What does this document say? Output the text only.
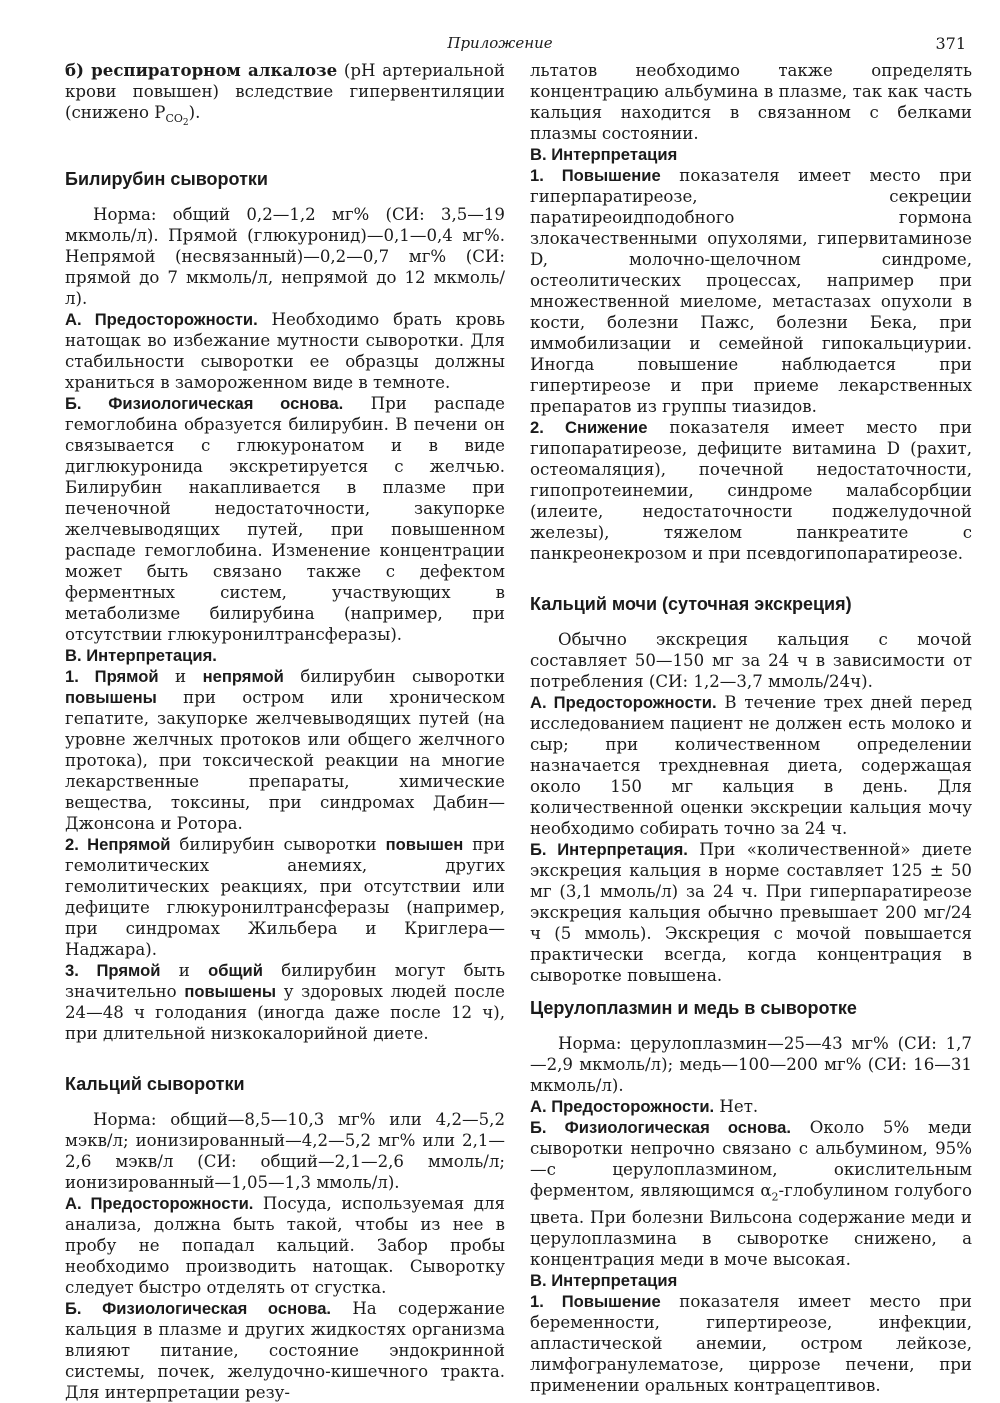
Приложение	371

б) респираторном алкалозе (pH артериальной крови повышен) вследствие гипервентиляции (снижено $P_{CO_2}$).

Билирубин сыворотки

Норма: общий 0,2—1,2 мг% (СИ: 3,5—19 мкмоль/л). Прямой (глюкуронид)—0,1—0,4 мг%. Непрямой (несвязанный)—0,2—0,7 мг% (СИ: прямой до 7 мкмоль/л, непрямой до 12 мкмоль/л).

А. Предосторожности. Необходимо брать кровь натощак во избежание мутности сыворотки. Для стабильности сыворотки ее образцы должны храниться в замороженном виде в темноте.

Б. Физиологическая основа. При распаде гемоглобина образуется билирубин. В печени он связывается с глюкуронатом и в виде диглюкуронида экскретируется с желчью. Билирубин накапливается в плазме при печеночной недостаточности, закупорке желчевыводящих путей, при повышенном распаде гемоглобина. Изменение концентрации может быть связано также с дефектом ферментных систем, участвующих в метаболизме билирубина (например, при отсутствии глюкуронилтрансферазы).

В. Интерпретация.

1. Прямой и непрямой билирубин сыворотки повышены при остром или хроническом гепатите, закупорке желчевыводящих путей (на уровне желчных протоков или общего желчного протока), при токсической реакции на многие лекарственные препараты, химические вещества, токсины, при синдромах Дабин—Джонсона и Ротора.

2. Непрямой билирубин сыворотки повышен при гемолитических анемиях, других гемолитических реакциях, при отсутствии или дефиците глюкуронилтрансферазы (например, при синдромах Жильбера и Криглера—Наджара).

3. Прямой и общий билирубин могут быть значительно повышены у здоровых людей после 24—48 ч голодания (иногда даже после 12 ч), при длительной низкокалорийной диете.

Кальций сыворотки

Норма: общий—8,5—10,3 мг% или 4,2—5,2 мэкв/л; ионизированный—4,2—5,2 мг% или 2,1—2,6 мэкв/л (СИ: общий—2,1—2,6 ммоль/л; ионизированный—1,05—1,3 ммоль/л).

А. Предосторожности. Посуда, используемая для анализа, должна быть такой, чтобы из нее в пробу не попадал кальций. Забор пробы необходимо производить натощак. Сыворотку следует быстро отделять от сгустка.

Б. Физиологическая основа. На содержание кальция в плазме и других жидкостях организма влияют питание, состояние эндокринной системы, почек, желудочно-кишечного тракта. Для интерпретации резу-

льтатов необходимо также определять концентрацию альбумина в плазме, так как часть кальция находится в связанном с белками плазмы состоянии.

В. Интерпретация

1. Повышение показателя имеет место при гиперпаратиреозе, секреции паратиреоидподобного гормона злокачественными опухолями, гипервитаминозе D, молочно-щелочном синдроме, остеолитических процессах, например при множественной миеломе, метастазах опухоли в кости, болезни Пажс, болезни Бека, при иммобилизации и семейной гипокальциурии. Иногда повышение наблюдается при гипертиреозе и при приеме лекарственных препаратов из группы тиазидов.

2. Снижение показателя имеет место при гипопаратиреозе, дефиците витамина D (рахит, остеомаляция), почечной недостаточности, гипопротеинемии, синдроме малабсорбции (илеите, недостаточности поджелудочной железы), тяжелом панкреатите с панкреонекрозом и при псевдогипопаратиреозе.

Кальций мочи (суточная экскреция)

Обычно экскреция кальция с мочой составляет 50—150 мг за 24 ч в зависимости от потребления (СИ: 1,2—3,7 ммоль/24ч).

А. Предосторожности. В течение трех дней перед исследованием пациент не должен есть молоко и сыр; при количественном определении назначается трехдневная диета, содержащая около 150 мг кальция в день. Для количественной оценки экскреции кальция мочу необходимо собирать точно за 24 ч.

Б. Интерпретация. При «количественной» диете экскреция кальция в норме составляет 125 ± 50 мг (3,1 ммоль/л) за 24 ч. При гиперпаратиреозе экскреция кальция обычно превышает 200 мг/24 ч (5 ммоль). Экскреция с мочой повышается практически всегда, когда концентрация в сыворотке повышена.

Церулоплазмин и медь в сыворотке

Норма: церулоплазмин—25—43 мг% (СИ: 1,7—2,9 мкмоль/л); медь—100—200 мг% (СИ: 16—31 мкмоль/л).

А. Предосторожности. Нет.

Б. Физиологическая основа. Около 5% меди сыворотки непрочно связано с альбумином, 95%—с церулоплазмином, окислительным ферментом, являющимся $\alpha_2$-глобулином голубого цвета. При болезни Вильсона содержание меди и церулоплазмина в сыворотке снижено, а концентрация меди в моче высокая.

В. Интерпретация

1. Повышение показателя имеет место при беременности, гипертиреозе, инфекции, апластической анемии, остром лейкозе, лимфогранулематозе, циррозе печени, при применении оральных контрацептивов.
